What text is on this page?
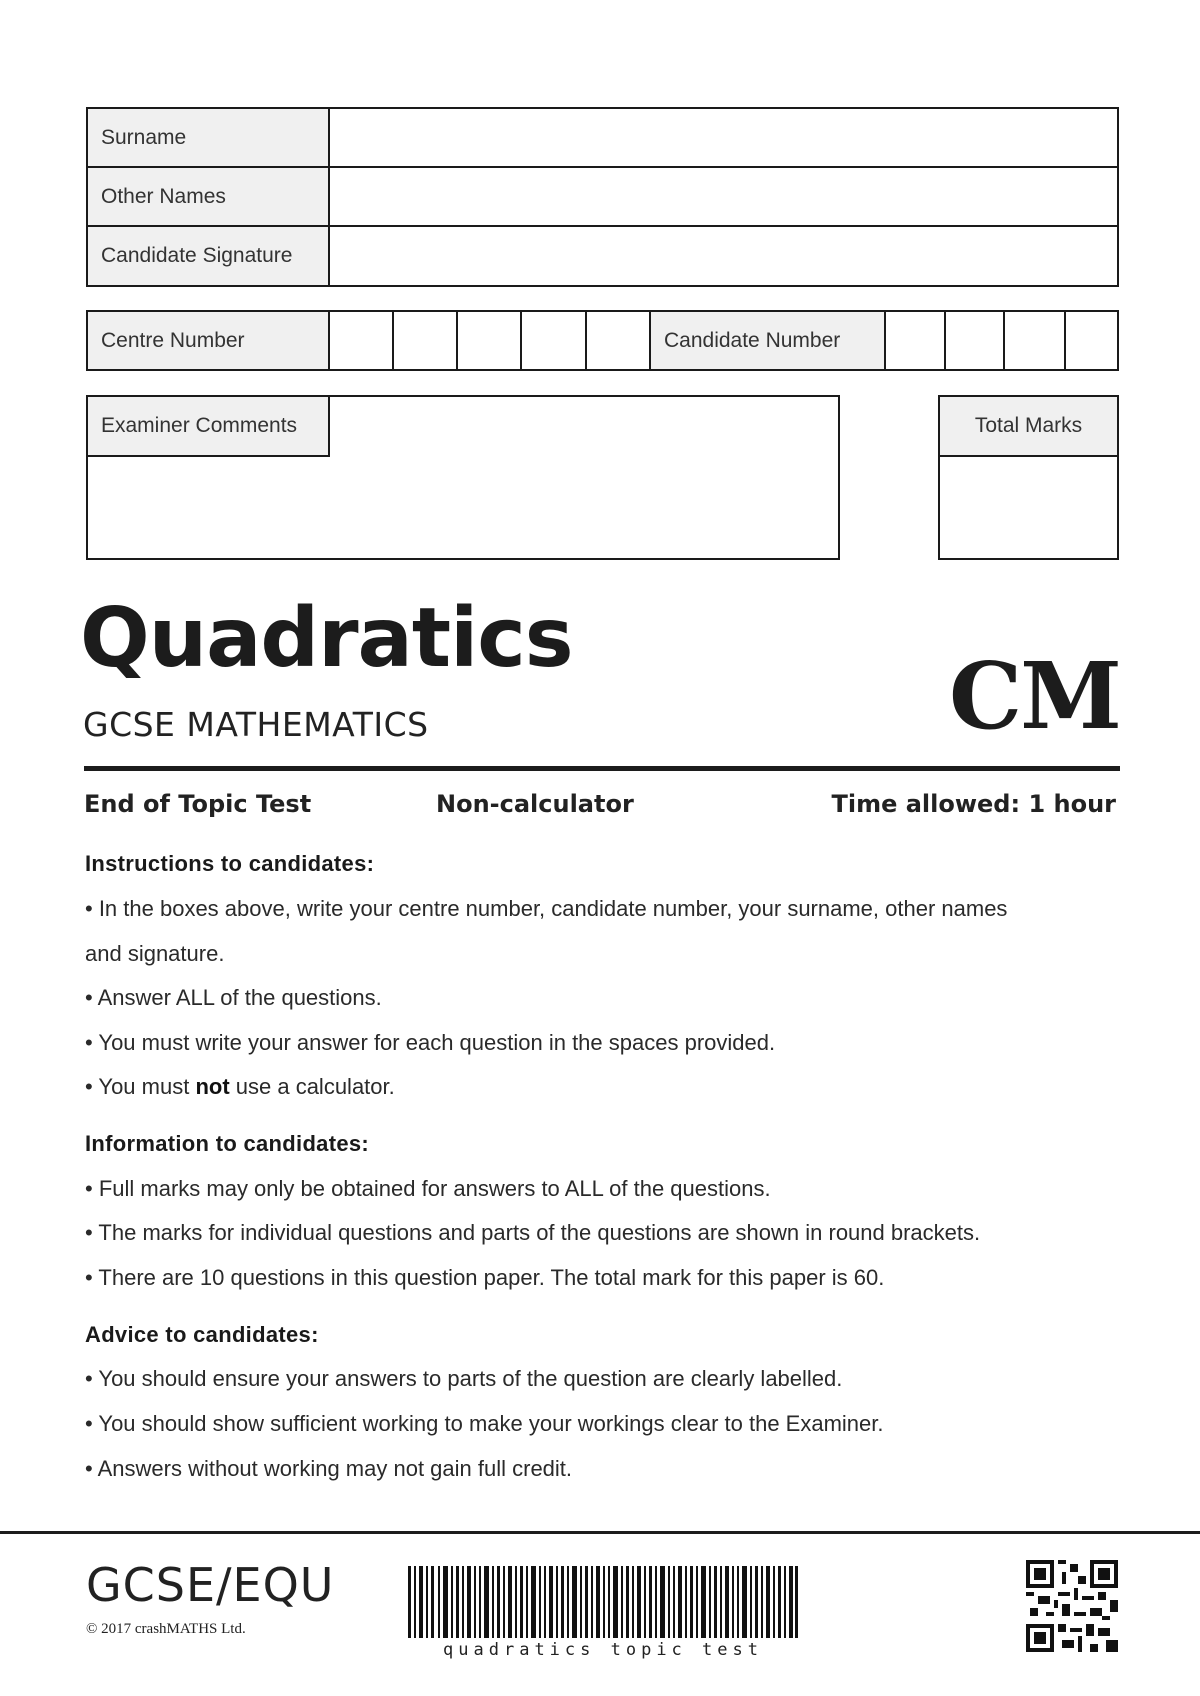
Surname
Other Names
Candidate Signature
Centre Number	Candidate Number
Examiner Comments	Total Marks
Quadratics
GCSE MATHEMATICS	CM
End of Topic Test	Non-calculator	Time allowed: 1 hour
Instructions to candidates:
• In the boxes above, write your centre number, candidate number, your surname, other names
and signature.
• Answer ALL of the questions.
• You must write your answer for each question in the spaces provided.
• You must not use a calculator.
Information to candidates:
• Full marks may only be obtained for answers to ALL of the questions.
• The marks for individual questions and parts of the questions are shown in round brackets.
• There are 10 questions in this question paper. The total mark for this paper is 60.
Advice to candidates:
• You should ensure your answers to parts of the question are clearly labelled.
• You should show sufficient working to make your workings clear to the Examiner.
• Answers without working may not gain full credit.
GCSE/EQU
© 2017 crashMATHS Ltd.
quadratics topic test
